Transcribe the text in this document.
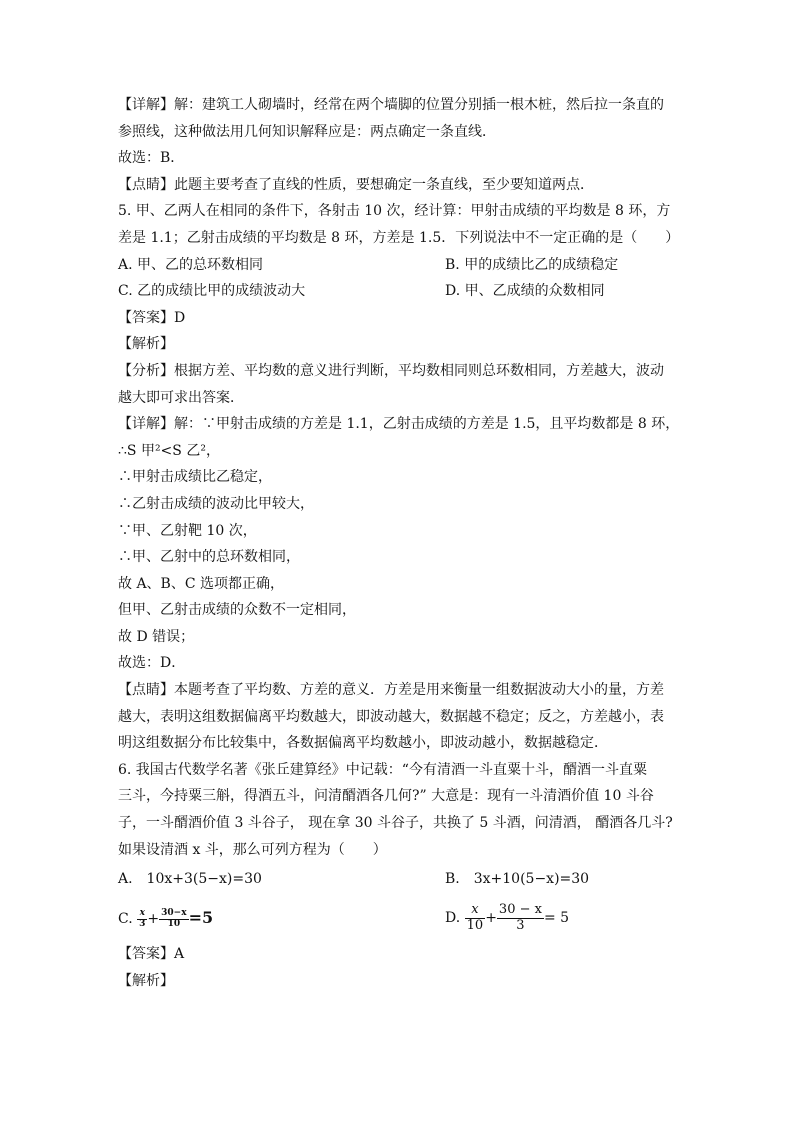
【详解】解：建筑工人砌墙时，经常在两个墙脚的位置分别插一根木桩，然后拉一条直的
参照线，这种做法用几何知识解释应是：两点确定一条直线．
故选：B．
【点睛】此题主要考查了直线的性质，要想确定一条直线，至少要知道两点．
5. 甲、乙两人在相同的条件下，各射击 10 次，经计算：甲射击成绩的平均数是 8 环，方
差是 1.1；乙射击成绩的平均数是 8 环，方差是 1.5．下列说法中不一定正确的是（　　）
A. 甲、乙的总环数相同	B. 甲的成绩比乙的成绩稳定
C. 乙的成绩比甲的成绩波动大	D. 甲、乙成绩的众数相同
【答案】D
【解析】
【分析】根据方差、平均数的意义进行判断，平均数相同则总环数相同，方差越大，波动
越大即可求出答案．
【详解】解：∵甲射击成绩的方差是 1.1，乙射击成绩的方差是 1.5，且平均数都是 8 环，
∴S 甲²<S 乙²，
∴甲射击成绩比乙稳定，
∴乙射击成绩的波动比甲较大，
∵甲、乙射靶 10 次，
∴甲、乙射中的总环数相同，
故 A、B、C 选项都正确，
但甲、乙射击成绩的众数不一定相同，
故 D 错误；
故选：D．
【点睛】本题考查了平均数、方差的意义．方差是用来衡量一组数据波动大小的量，方差
越大，表明这组数据偏离平均数越大，即波动越大，数据越不稳定；反之，方差越小，表
明这组数据分布比较集中，各数据偏离平均数越小，即波动越小，数据越稳定．
6. 我国古代数学名著《张丘建算经》中记载：“今有清酒一斗直粟十斗，醑酒一斗直粟
三斗，今持粟三斛，得酒五斗，问清醑酒各几何?” 大意是：现有一斗清酒价值 10 斗谷
子，一斗醑酒价值 3 斗谷子， 现在拿 30 斗谷子，共换了 5 斗酒，问清酒， 醑酒各几斗?
如果设清酒 x 斗，那么可列方程为（　　）
A.　10x+3(5−x)=30	B.　3x+10(5−x)=30
C. $\frac{x}{3} + \frac{30-x}{10} =5$	D. $\frac{x}{10} + \frac{30 - x}{3} = 5$
【答案】A
【解析】
